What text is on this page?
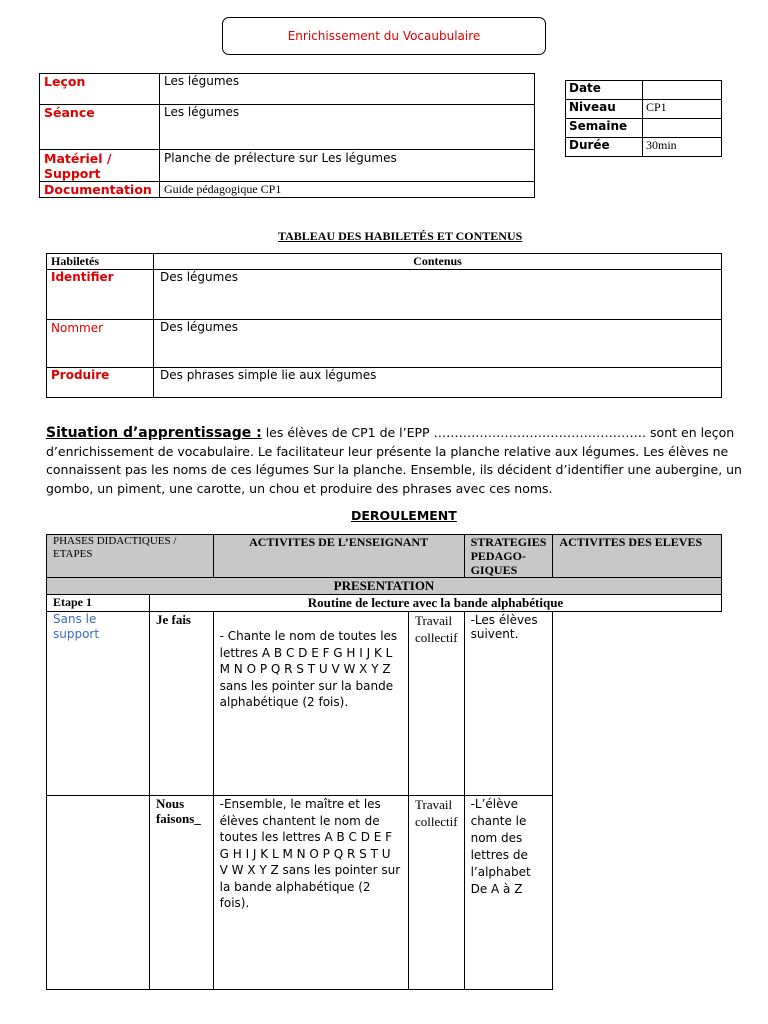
Enrichissement du Vocaubulaire
Leçon	Les légumes
Séance	Les légumes
Matériel / Support	Planche de prélecture sur Les légumes
Documentation	Guide pédagogique CP1
Date	
Niveau	CP1
Semaine	
Durée	30min
TABLEAU DES HABILETÉS ET CONTENUS
Habiletés	Contenus
Identifier	Des légumes
Nommer	Des légumes
Produire	Des phrases simple lie aux légumes
Situation d’apprentissage : les élèves de CP1 de l’EPP …………………………………………… sont en leçon d’enrichissement de vocabulaire. Le facilitateur leur présente la planche relative aux légumes. Les élèves ne connaissent pas les noms de ces légumes Sur la planche. Ensemble, ils décident d’identifier une aubergine, un gombo, un piment, une carotte, un chou et produire des phrases avec ces noms.
DEROULEMENT
PHASES DIDACTIQUES / ETAPES		ACTIVITES DE L’ENSEIGNANT		STRATEGIES PEDAGO-GIQUES	ACTIVITES DES ELEVES
PRESENTATION					
Etape 1	Routine de lecture avec la bande alphabétique				
Sans le support	Je fais	- Chante le nom de toutes les lettres A B C D E F G H I J K L M N O P Q R S T U V W X Y Z sans les pointer sur la bande alphabétique (2 fois).	Travail collectif	-Les élèves suivent.	
	Nous faisons_	-Ensemble, le maître et les élèves chantent le nom de toutes les lettres A B C D E F G H I J K L M N O P Q R S T U V W X Y Z sans les pointer sur la bande alphabétique (2 fois).	Travail collectif	-L’élève chante le nom des lettres de l’alphabet
De A à Z	
